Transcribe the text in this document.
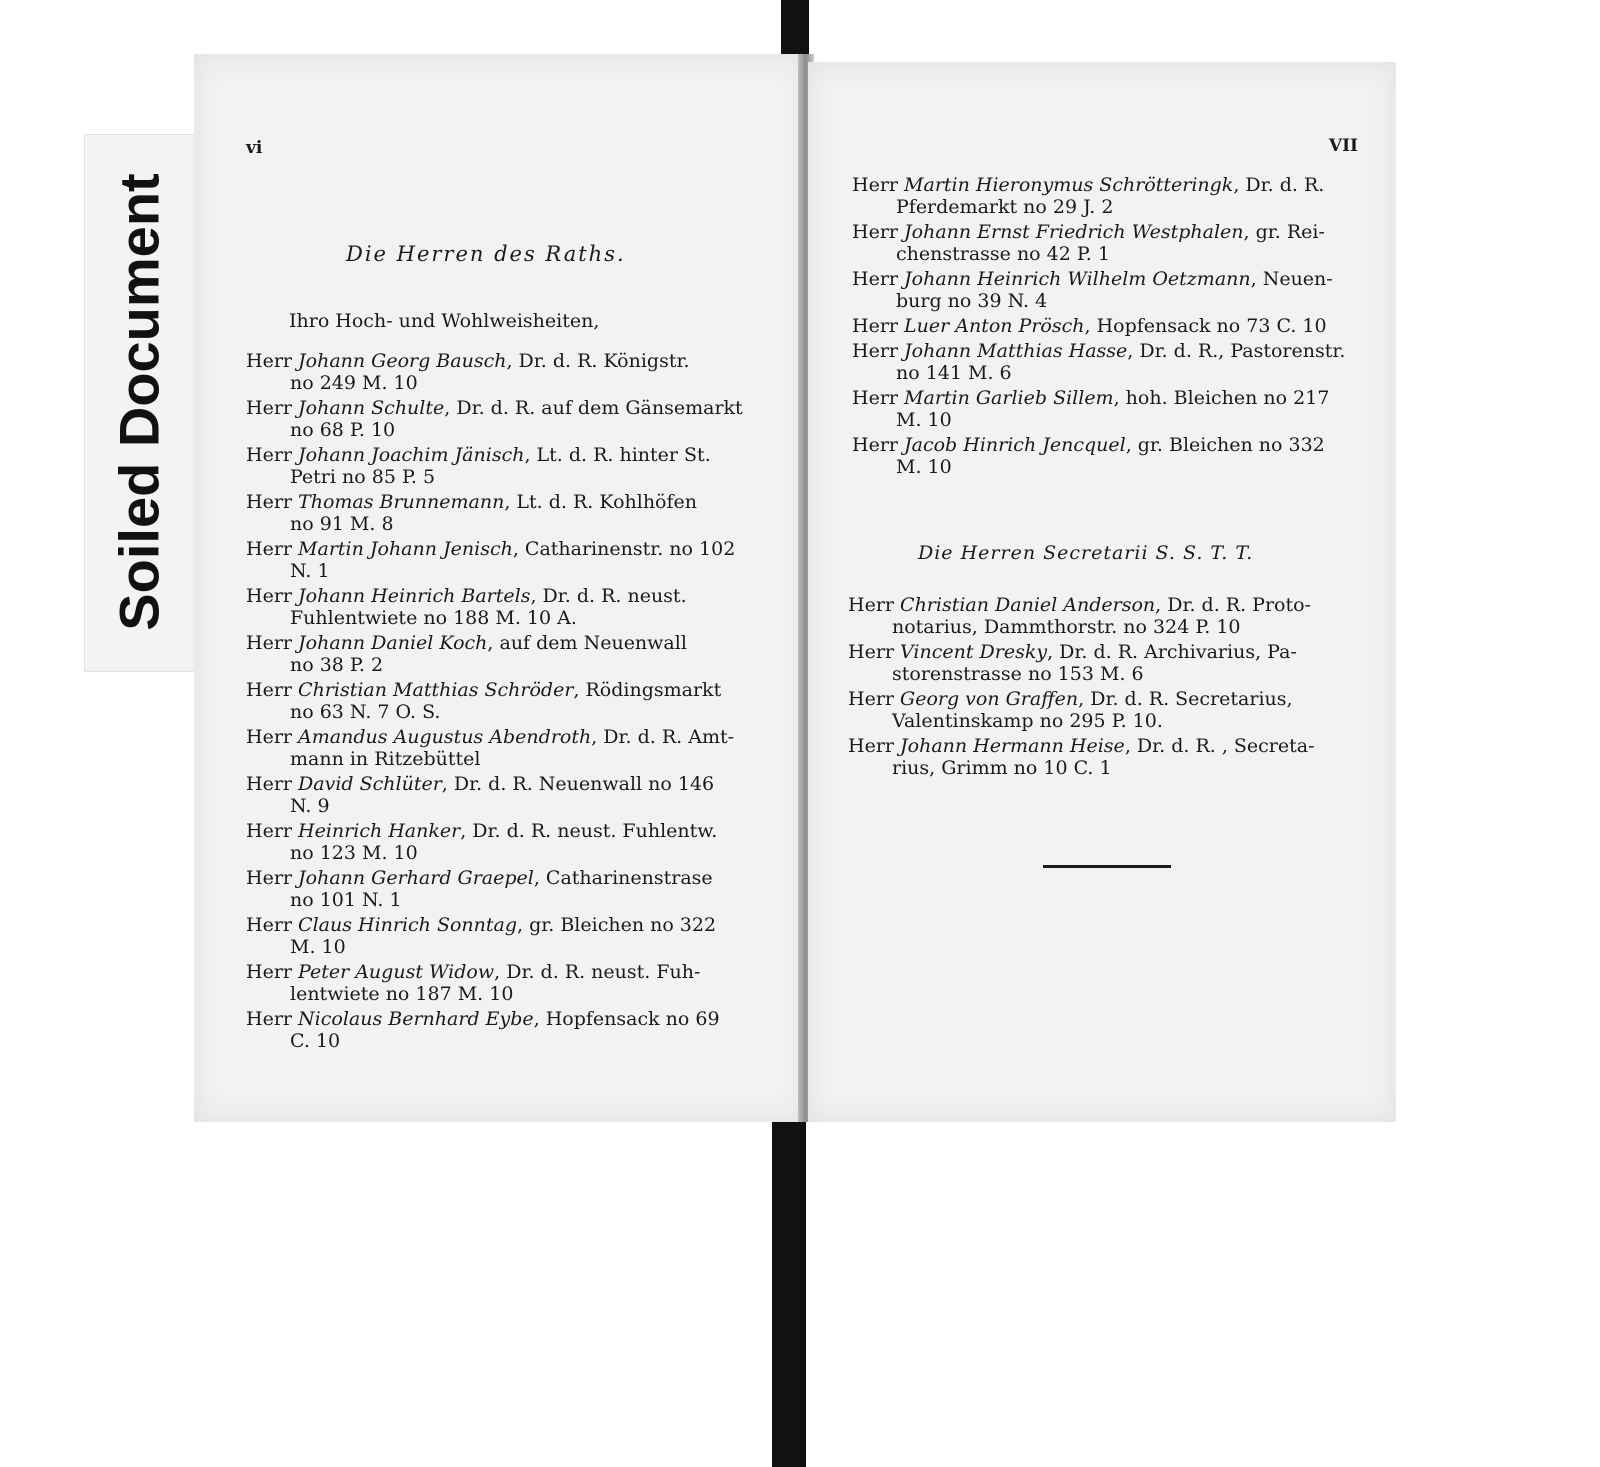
Soiled Document
vi
Die Herren des Raths.
Ihro Hoch- und Wohlweisheiten,
Herr Johann Georg Bausch, Dr. d. R. Königstr.
no 249 M. 10
Herr Johann Schulte, Dr. d. R. auf dem Gänsemarkt
no 68 P. 10
Herr Johann Joachim Jänisch, Lt. d. R. hinter St.
Petri no 85 P. 5
Herr Thomas Brunnemann, Lt. d. R. Kohlhöfen
no 91 M. 8
Herr Martin Johann Jenisch, Catharinenstr. no 102
N. 1
Herr Johann Heinrich Bartels, Dr. d. R. neust.
Fuhlentwiete no 188 M. 10 A.
Herr Johann Daniel Koch, auf dem Neuenwall
no 38 P. 2
Herr Christian Matthias Schröder, Rödingsmarkt
no 63 N. 7 O. S.
Herr Amandus Augustus Abendroth, Dr. d. R. Amt-
mann in Ritzebüttel
Herr David Schlüter, Dr. d. R. Neuenwall no 146
N. 9
Herr Heinrich Hanker, Dr. d. R. neust. Fuhlentw.
no 123 M. 10
Herr Johann Gerhard Graepel, Catharinenstrase
no 101 N. 1
Herr Claus Hinrich Sonntag, gr. Bleichen no 322
M. 10
Herr Peter August Widow, Dr. d. R. neust. Fuh-
lentwiete no 187 M. 10
Herr Nicolaus Bernhard Eybe, Hopfensack no 69
C. 10
VII
Herr Martin Hieronymus Schrötteringk, Dr. d. R.
Pferdemarkt no 29 J. 2
Herr Johann Ernst Friedrich Westphalen, gr. Rei-
chenstrasse no 42 P. 1
Herr Johann Heinrich Wilhelm Oetzmann, Neuen-
burg no 39 N. 4
Herr Luer Anton Prösch, Hopfensack no 73 C. 10
Herr Johann Matthias Hasse, Dr. d. R., Pastorenstr.
no 141 M. 6
Herr Martin Garlieb Sillem, hoh. Bleichen no 217
M. 10
Herr Jacob Hinrich Jencquel, gr. Bleichen no 332
M. 10
Die Herren Secretarii S. S. T. T.
Herr Christian Daniel Anderson, Dr. d. R. Proto-
notarius, Dammthorstr. no 324 P. 10
Herr Vincent Dresky, Dr. d. R. Archivarius, Pa-
storenstrasse no 153 M. 6
Herr Georg von Graffen, Dr. d. R. Secretarius,
Valentinskamp no 295 P. 10.
Herr Johann Hermann Heise, Dr. d. R. , Secreta-
rius, Grimm no 10 C. 1
